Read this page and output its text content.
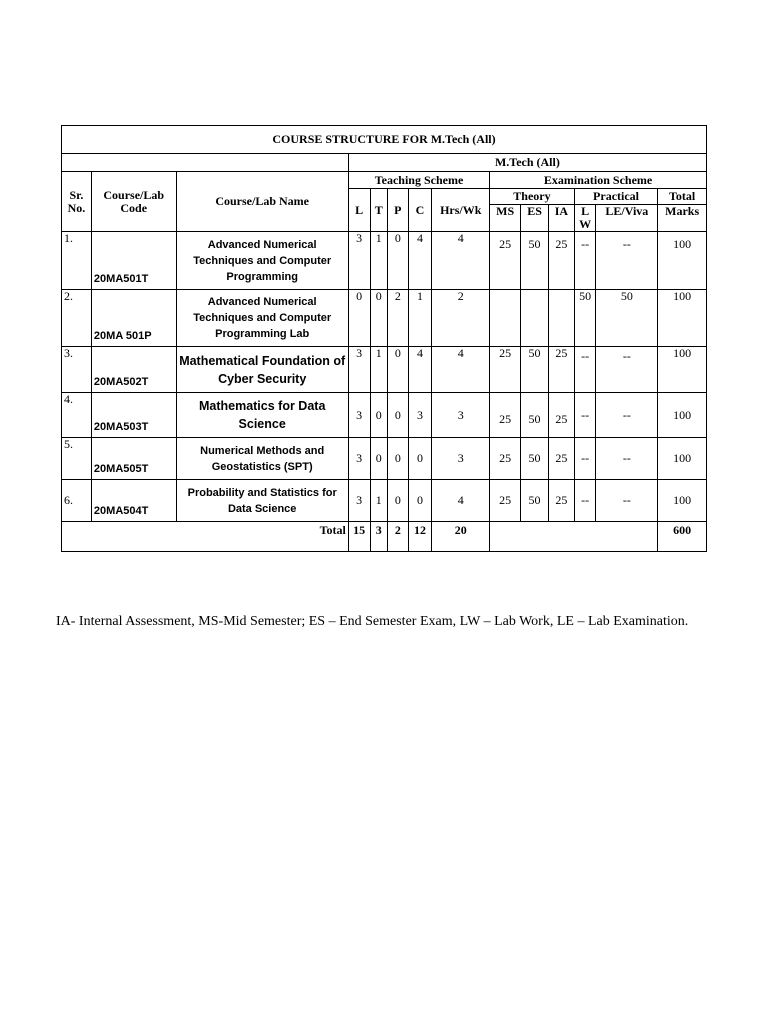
COURSE STRUCTURE FOR M.Tech (All)													
			M.Tech (All)										
Sr. No.	Course/Lab Code	Course/Lab Name	Teaching Scheme					Examination Scheme					
			L	T	P	C	Hrs/Wk	Theory			Practical		Total
								MS	ES	IA	L W	LE/Viva	Marks
1.	20MA501T	Advanced Numerical Techniques and Computer Programming	3	1	0	4	4	25	50	25	--	--	100
2.	20MA 501P	Advanced Numerical Techniques and Computer Programming Lab	0	0	2	1	2				50	50	100
3.	20MA502T	Mathematical Foundation of Cyber Security	3	1	0	4	4	25	50	25	--	--	100
4.	20MA503T	Mathematics for Data Science	3	0	0	3	3	25	50	25	--	--	100
5.	20MA505T	Numerical Methods and Geostatistics (SPT)	3	0	0	0	3	25	50	25	--	--	100
6.	20MA504T	Probability and Statistics for Data Science	3	1	0	0	4	25	50	25	--	--	100
Total			15	3	2	12	20						600

IA- Internal Assessment, MS-Mid Semester; ES – End Semester Exam, LW – Lab Work, LE – Lab Examination.
